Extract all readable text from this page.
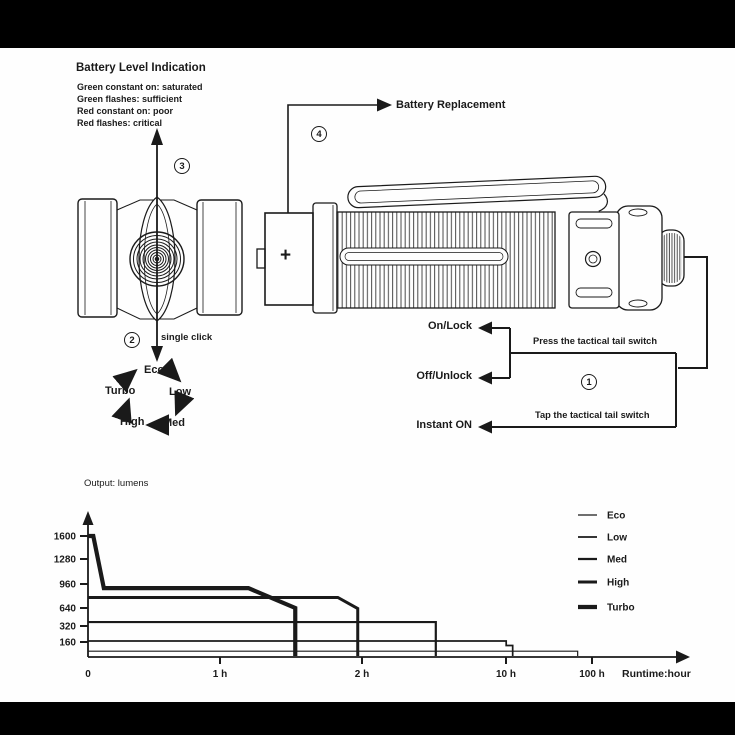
1600
1280
960
640
320
160
0	1 h	2 h	10 h	100 h Runtime:hour
Eco
Low
Med
High
Turbo
Battery Level Indication
Green constant on: saturated
Green flashes: sufficient
Red constant on: poor
Red flashes: critical
3
2
4
1
single click
Eco
Low
Med
High
Turbo
Battery Replacement
+
On/Lock
Off/Unlock
Instant ON
Press the tactical tail switch
Tap the tactical tail switch
Output: lumens
